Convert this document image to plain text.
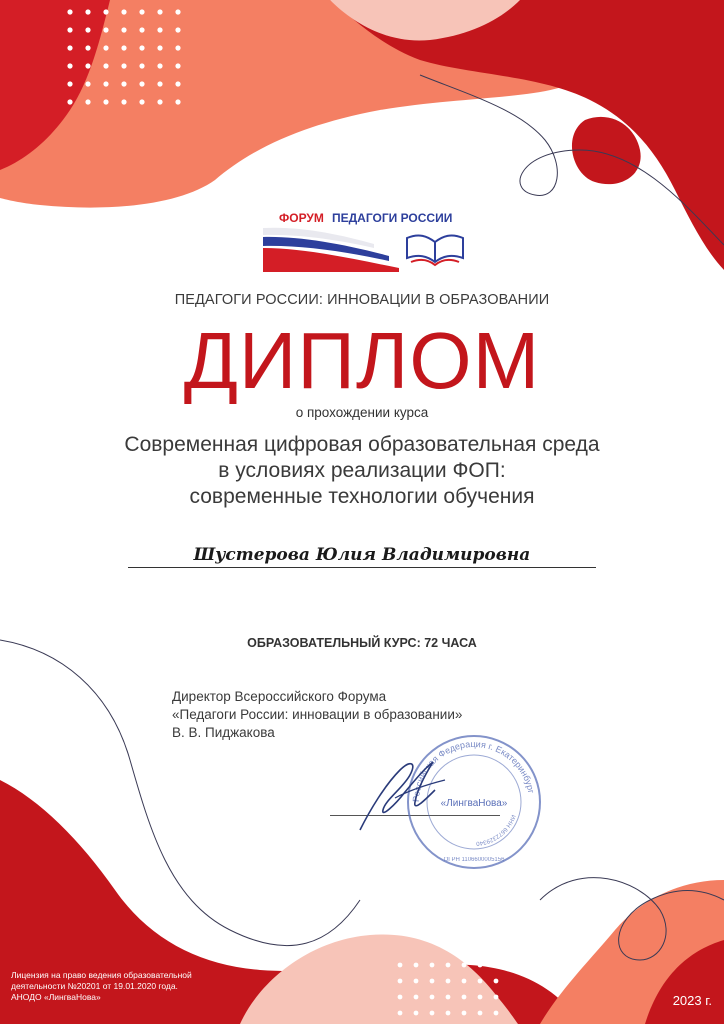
ФОРУМ ПЕДАГОГИ РОССИИ
ПЕДАГОГИ РОССИИ: ИННОВАЦИИ В ОБРАЗОВАНИИ
ДИПЛОМ
о прохождении курса
Современная цифровая образовательная среда
в условиях реализации ФОП:
современные технологии обучения
Шустерова Юлия Владимировна
ОБРАЗОВАТЕЛЬНЫЙ КУРС: 72 ЧАСА
Директор Всероссийского Форума
«Педагоги России: инновации в образовании»
В. В. Пиджакова
Российская Федерация г. Екатеринбург
ИНН 6672329340
ОГРН 1106600005156
«ЛингваНова»
Лицензия на право ведения образовательной
деятельности №20201 от 19.01.2020 года.
АНОДО «ЛингваНова»	2023 г.
